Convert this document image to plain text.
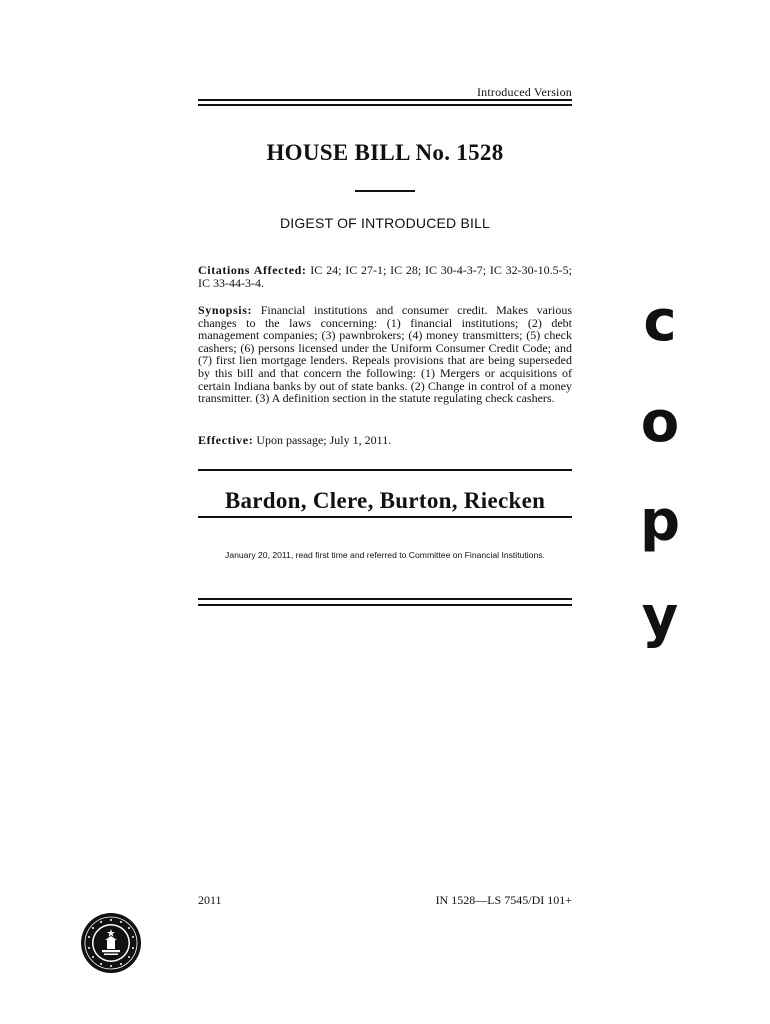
Introduced Version
HOUSE BILL No. 1528
DIGEST OF INTRODUCED BILL
Citations Affected: IC 24; IC 27-1; IC 28; IC 30-4-3-7; IC 32-30-10.5-5; IC 33-44-3-4.
Synopsis: Financial institutions and consumer credit. Makes various changes to the laws concerning: (1) financial institutions; (2) debt management companies; (3) pawnbrokers; (4) money transmitters; (5) check cashers; (6) persons licensed under the Uniform Consumer Credit Code; and (7) first lien mortgage lenders. Repeals provisions that are being superseded by this bill and that concern the following: (1) Mergers or acquisitions of certain Indiana banks by out of state banks. (2) Change in control of a money transmitter. (3) A definition section in the statute regulating check cashers.
Effective: Upon passage; July 1, 2011.
Bardon, Clere, Burton, Riecken
January 20, 2011, read first time and referred to Committee on Financial Institutions.
c
o
p
y
2011	IN 1528—LS 7545/DI 101+
